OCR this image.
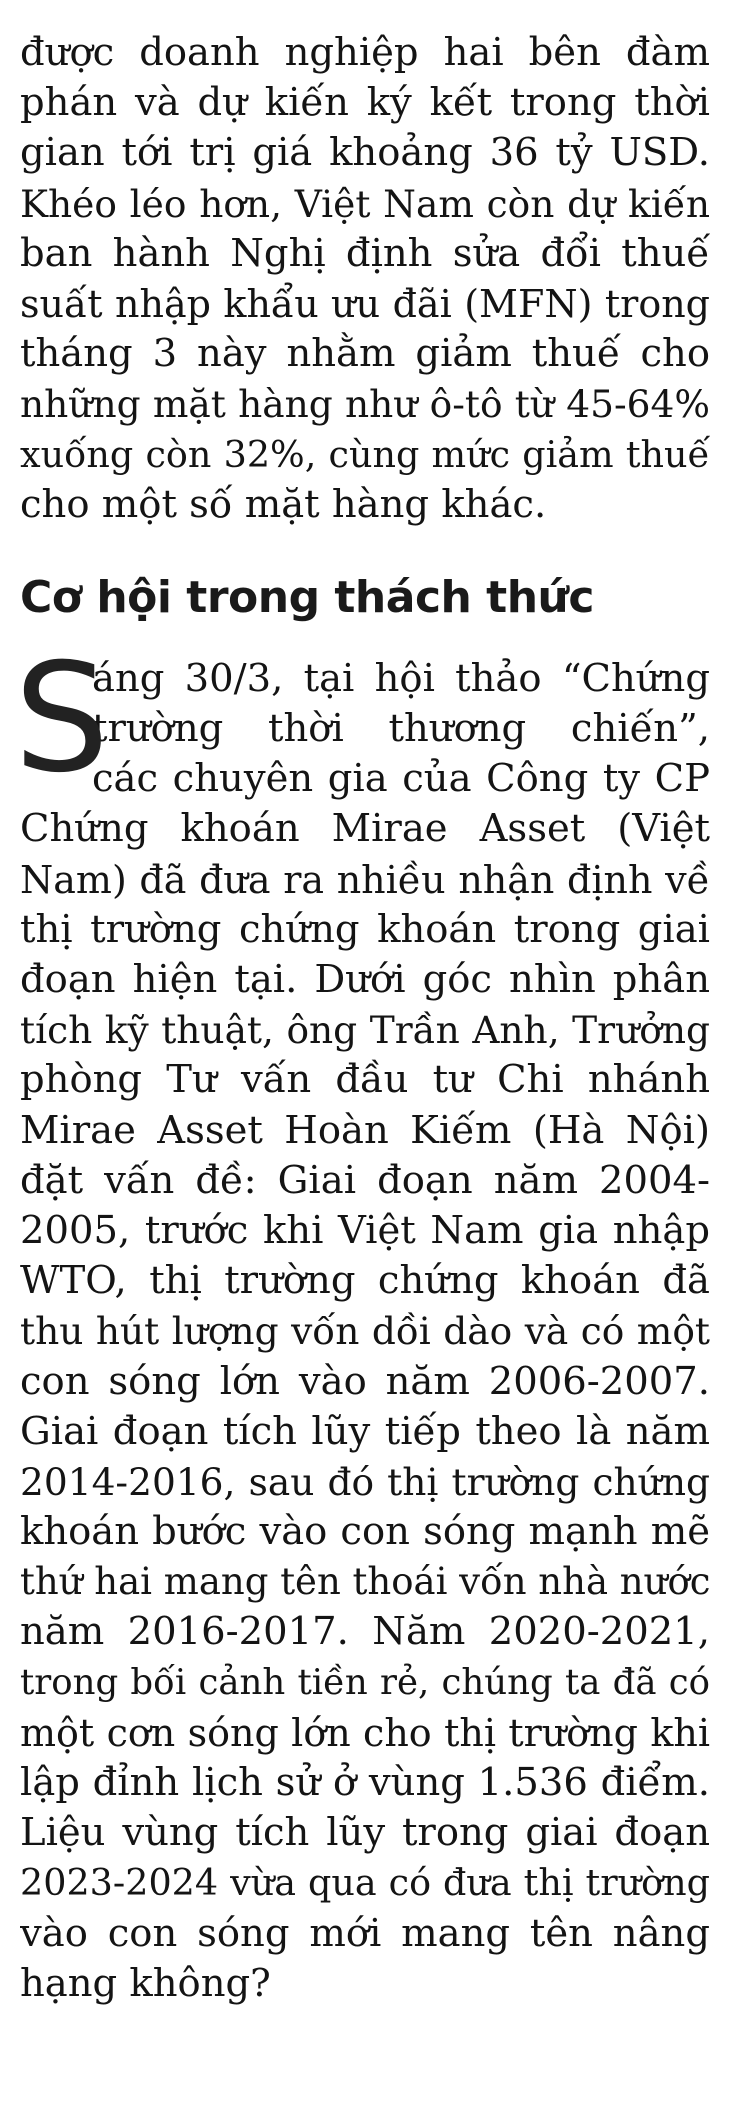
được doanh nghiệp hai bên đàm
phán và dự kiến ký kết trong thời
gian tới trị giá khoảng 36 tỷ USD.
Khéo léo hơn, Việt Nam còn dự kiến
ban hành Nghị định sửa đổi thuế
suất nhập khẩu ưu đãi (MFN) trong
tháng 3 này nhằm giảm thuế cho
những mặt hàng như ô-tô từ 45-64%
xuống còn 32%, cùng mức giảm thuế
cho một số mặt hàng khác.
Cơ hội trong thách thức
S
áng 30/3, tại hội thảo “Chứng
trường thời thương chiến”,
các chuyên gia của Công ty CP
Chứng khoán Mirae Asset (Việt
Nam) đã đưa ra nhiều nhận định về
thị trường chứng khoán trong giai
đoạn hiện tại. Dưới góc nhìn phân
tích kỹ thuật, ông Trần Anh, Trưởng
phòng Tư vấn đầu tư Chi nhánh
Mirae Asset Hoàn Kiếm (Hà Nội)
đặt vấn đề: Giai đoạn năm 2004-
2005, trước khi Việt Nam gia nhập
WTO, thị trường chứng khoán đã
thu hút lượng vốn dồi dào và có một
con sóng lớn vào năm 2006-2007.
Giai đoạn tích lũy tiếp theo là năm
2014-2016, sau đó thị trường chứng
khoán bước vào con sóng mạnh mẽ
thứ hai mang tên thoái vốn nhà nước
năm 2016-2017. Năm 2020-2021,
trong bối cảnh tiền rẻ, chúng ta đã có
một cơn sóng lớn cho thị trường khi
lập đỉnh lịch sử ở vùng 1.536 điểm.
Liệu vùng tích lũy trong giai đoạn
2023-2024 vừa qua có đưa thị trường
vào con sóng mới mang tên nâng
hạng không?
